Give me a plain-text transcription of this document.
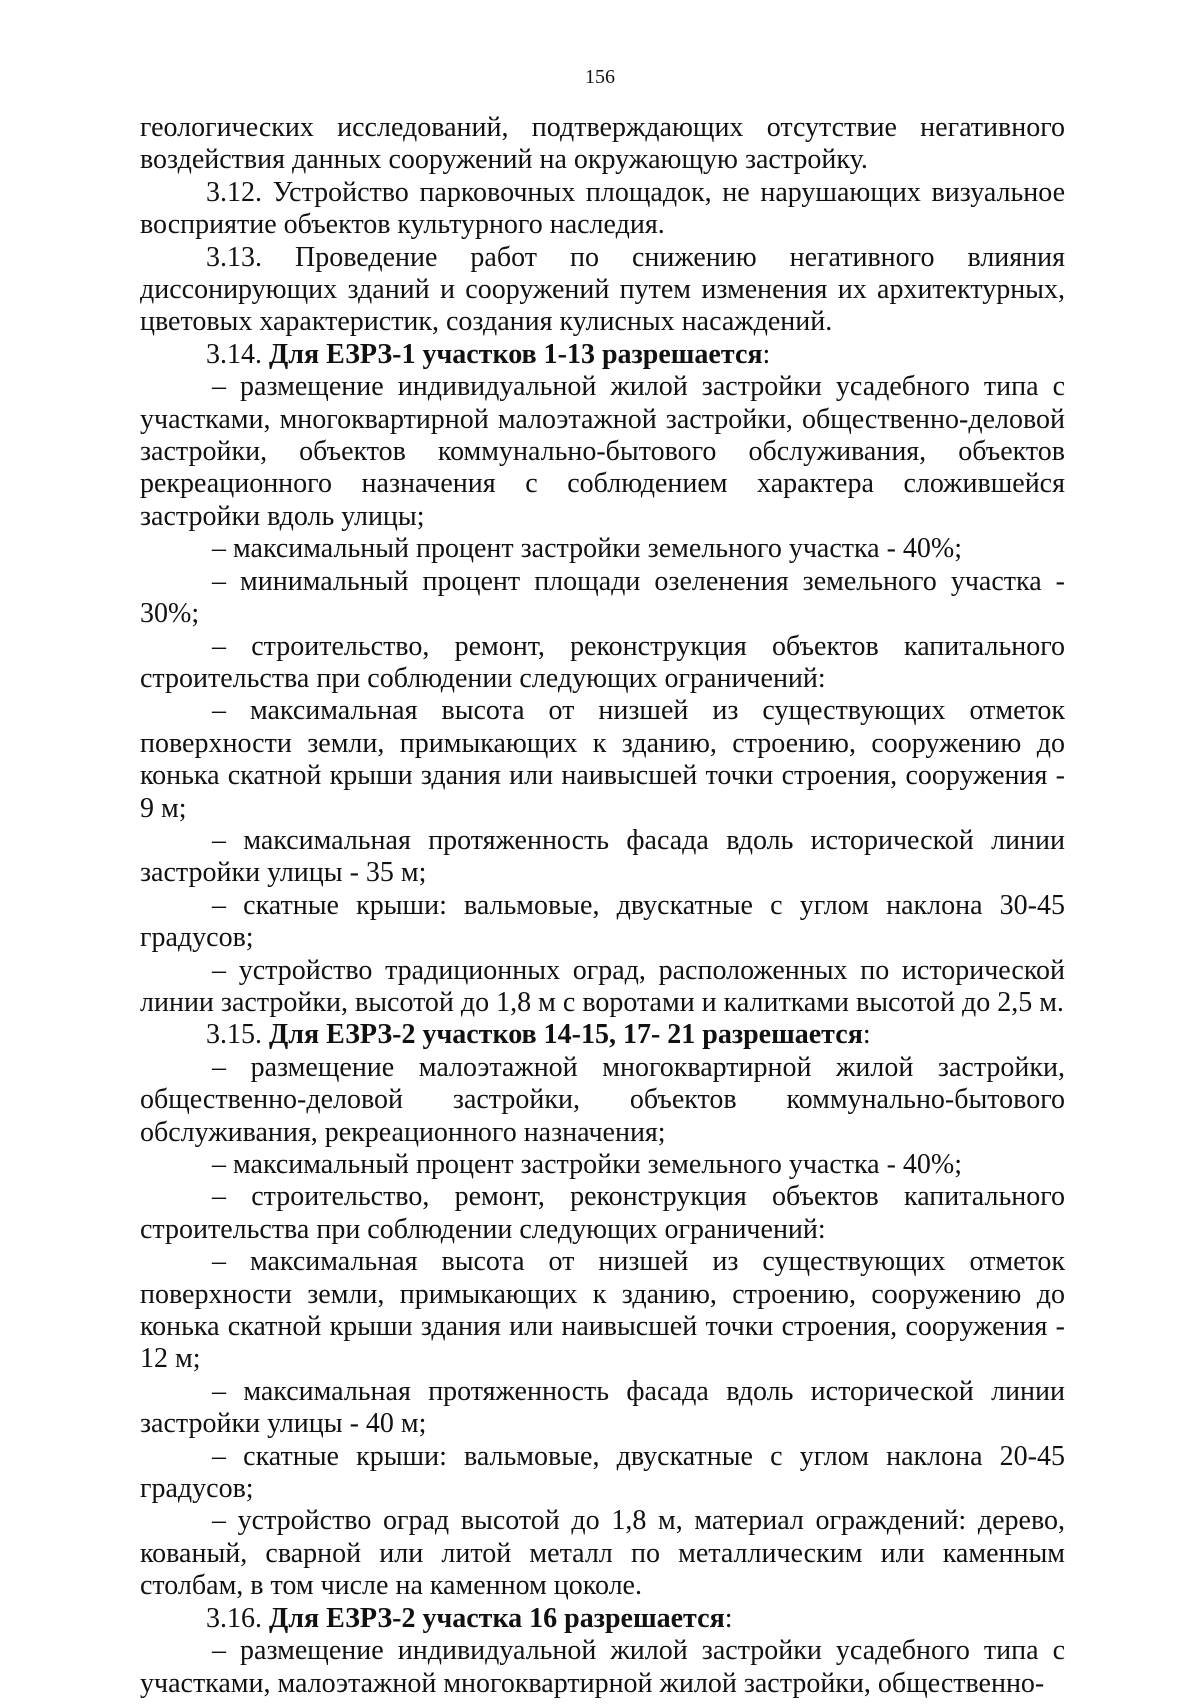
156

геологических исследований, подтверждающих отсутствие негативного воздействия данных сооружений на окружающую застройку.

3.12. Устройство парковочных площадок, не нарушающих визуальное восприятие объектов культурного наследия.

3.13. Проведение работ по снижению негативного влияния диссонирующих зданий и сооружений путем изменения их архитектурных, цветовых характеристик, создания кулисных насаждений.

3.14. Для ЕЗРЗ-1 участков 1-13 разрешается:

– размещение индивидуальной жилой застройки усадебного типа с участками, многоквартирной малоэтажной застройки, общественно-деловой застройки, объектов коммунально-бытового обслуживания, объектов рекреационного назначения с соблюдением характера сложившейся застройки вдоль улицы;

– максимальный процент застройки земельного участка - 40%;

– минимальный процент площади озеленения земельного участка - 30%;

– строительство, ремонт, реконструкция объектов капитального строительства при соблюдении следующих ограничений:

– максимальная высота от низшей из существующих отметок поверхности земли, примыкающих к зданию, строению, сооружению до конька скатной крыши здания или наивысшей точки строения, сооружения - 9 м;

– максимальная протяженность фасада вдоль исторической линии застройки улицы - 35 м;

– скатные крыши: вальмовые, двускатные с углом наклона 30-45 градусов;

– устройство традиционных оград, расположенных по исторической линии застройки, высотой до 1,8 м с воротами и калитками высотой до 2,5 м.

3.15. Для ЕЗРЗ-2 участков 14-15, 17- 21 разрешается:

– размещение малоэтажной многоквартирной жилой застройки, общественно-деловой застройки, объектов коммунально-бытового обслуживания, рекреационного назначения;

– максимальный процент застройки земельного участка - 40%;

– строительство, ремонт, реконструкция объектов капитального строительства при соблюдении следующих ограничений:

– максимальная высота от низшей из существующих отметок поверхности земли, примыкающих к зданию, строению, сооружению до конька скатной крыши здания или наивысшей точки строения, сооружения - 12 м;

– максимальная протяженность фасада вдоль исторической линии застройки улицы - 40 м;

– скатные крыши: вальмовые, двускатные с углом наклона 20-45 градусов;

– устройство оград высотой до 1,8 м, материал ограждений: дерево, кованый, сварной или литой металл по металлическим или каменным столбам, в том числе на каменном цоколе.

3.16. Для ЕЗРЗ-2 участка 16 разрешается:

– размещение индивидуальной жилой застройки усадебного типа с участками, малоэтажной многоквартирной жилой застройки, общественно-
